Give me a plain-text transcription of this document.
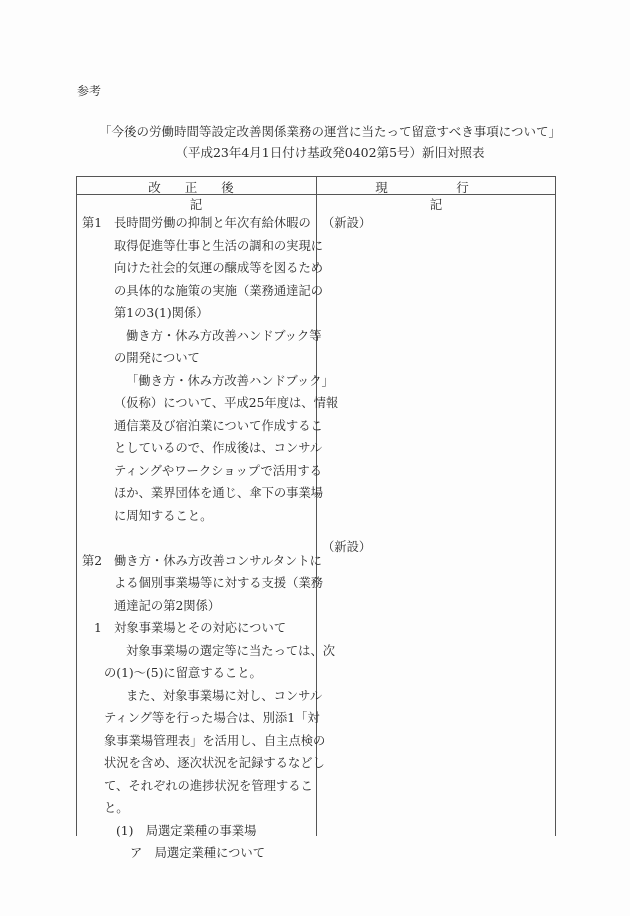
参考
「今後の労働時間等設定改善関係業務の運営に当たって留意すべき事項について」
（平成23年4月1日付け基政発0402第5号）新旧対照表
改 正 後	現　行
記	記
第1 長時間労働の抑制と年次有給休暇の
取得促進等仕事と生活の調和の実現に
向けた社会的気運の醸成等を図るため
の具体的な施策の実施（業務通達記の
第1の3(1)関係）
働き方・休み方改善ハンドブック等
の開発について
「働き方・休み方改善ハンドブック」
（仮称）について、平成25年度は、情報
通信業及び宿泊業について作成するこ
としているので、作成後は、コンサル
ティングやワークショップで活用する
ほか、業界団体を通じ、傘下の事業場
に周知すること。
第2 働き方・休み方改善コンサルタントに
よる個別事業場等に対する支援（業務
通達記の第2関係）
1　対象事業場とその対応について
対象事業場の選定等に当たっては、次
の(1)～(5)に留意すること。
また、対象事業場に対し、コンサル
ティング等を行った場合は、別添1「対
象事業場管理表」を活用し、自主点検の
状況を含め、逐次状況を記録するなどし
て、それぞれの進捗状況を管理するこ
と。
(1)　局選定業種の事業場
ア　局選定業種について
（新設）
（新設）
